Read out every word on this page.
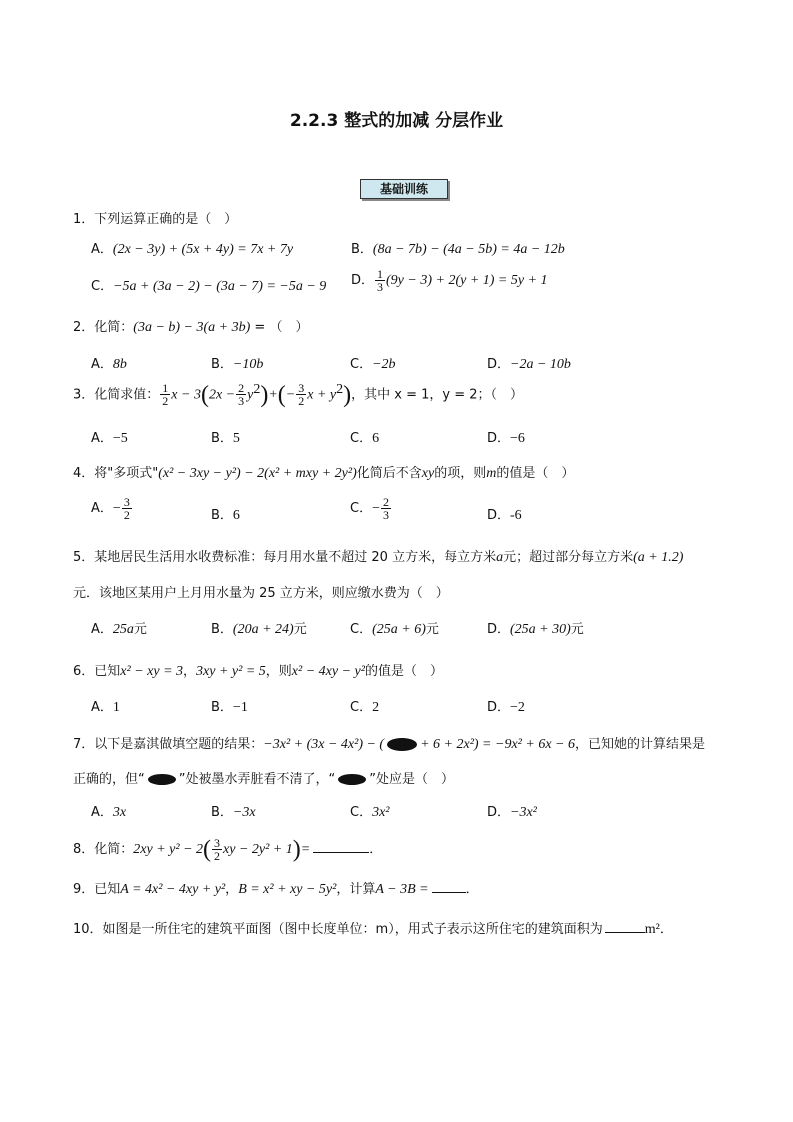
2.2.3 整式的加减 分层作业
基础训练
1．下列运算正确的是（　）
A．(2x − 3y) + (5x + 4y) = 7x + 7y	B．(8a − 7b) − (4a − 5b) = 4a − 12b
C．−5a + (3a − 2) − (3a − 7) = −5a − 9 D． $\frac{1}{3} (9y - 3) + 2(y + 1) = 5y + 1$
2．化简：(3a − b) − 3(a + 3b) = （　）
A．8b	B．−10b	C．−2b	D．−2a − 10b
3．化简求值： $\frac{1}{2}$ $x - 3(2x - \frac{2}{3} y^2)+(- \frac{3}{2}$ $x + y^2$)，其中 x = 1，y = 2；（　）
A．−5	B．5	C．6	D．−6
4．将"多项式"(x² − 3xy − y²) − 2(x² + mxy + 2y²)化简后不含xy的项，则m的值是（　）
A．− $\frac{3}{2}$	B．6	C．− $\frac{2}{3}$	D．-6
5．某地居民生活用水收费标准：每月用水量不超过 20 立方米，每立方米a元；超过部分每立方米(a + 1.2)
元．该地区某用户上月用水量为 25 立方米，则应缴水费为（　）
A．25a元	B．(20a + 24)元	C．(25a + 6)元	D．(25a + 30)元
6．已知x² − xy = 3，3xy + y² = 5，则x² − 4xy − y²的值是（　）
A．1	B．−1	C．2	D．−2
7．以下是嘉淇做填空题的结果：−3x² + (3x − 4x²) − (	+ 6 + 2x²) = −9x² + 6x − 6，已知她的计算结果是
正确的，但“	”处被墨水弄脏看不清了，“	”处应是（　）
A．3x	B．−3x	C．3x²	D．−3x²
8．化简：$2xy + y^2 - 2( \frac{3}{2}$ xy − 2y² + 1)=	．
9．已知A = 4x² − 4xy + y²，B = x² + xy − 5y²，计算A − 3B =	．
10．如图是一所住宅的建筑平面图（图中长度单位：m），用式子表示这所住宅的建筑面积为	m²．
